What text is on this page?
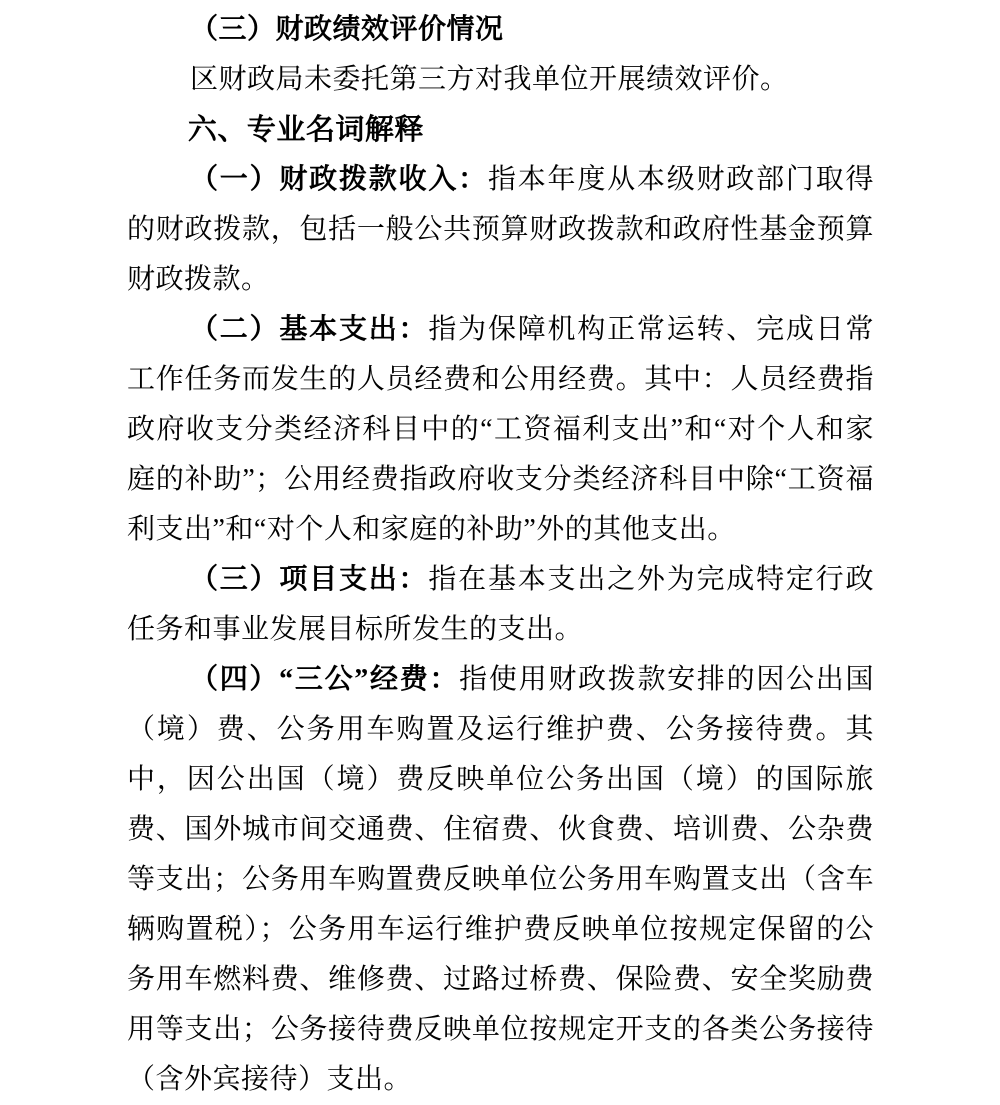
（三）财政绩效评价情况

区财政局未委托第三方对我单位开展绩效评价。

六、专业名词解释

（一）财政拨款收入：指本年度从本级财政部门取得的财政拨款，包括一般公共预算财政拨款和政府性基金预算财政拨款。

（二）基本支出：指为保障机构正常运转、完成日常工作任务而发生的人员经费和公用经费。其中：人员经费指政府收支分类经济科目中的“工资福利支出”和“对个人和家庭的补助”；公用经费指政府收支分类经济科目中除“工资福利支出”和“对个人和家庭的补助”外的其他支出。

（三）项目支出：指在基本支出之外为完成特定行政任务和事业发展目标所发生的支出。

（四）“三公”经费：指使用财政拨款安排的因公出国（境）费、公务用车购置及运行维护费、公务接待费。其中，因公出国（境）费反映单位公务出国（境）的国际旅费、国外城市间交通费、住宿费、伙食费、培训费、公杂费等支出；公务用车购置费反映单位公务用车购置支出（含车辆购置税）；公务用车运行维护费反映单位按规定保留的公务用车燃料费、维修费、过路过桥费、保险费、安全奖励费用等支出；公务接待费反映单位按规定开支的各类公务接待（含外宾接待）支出。
